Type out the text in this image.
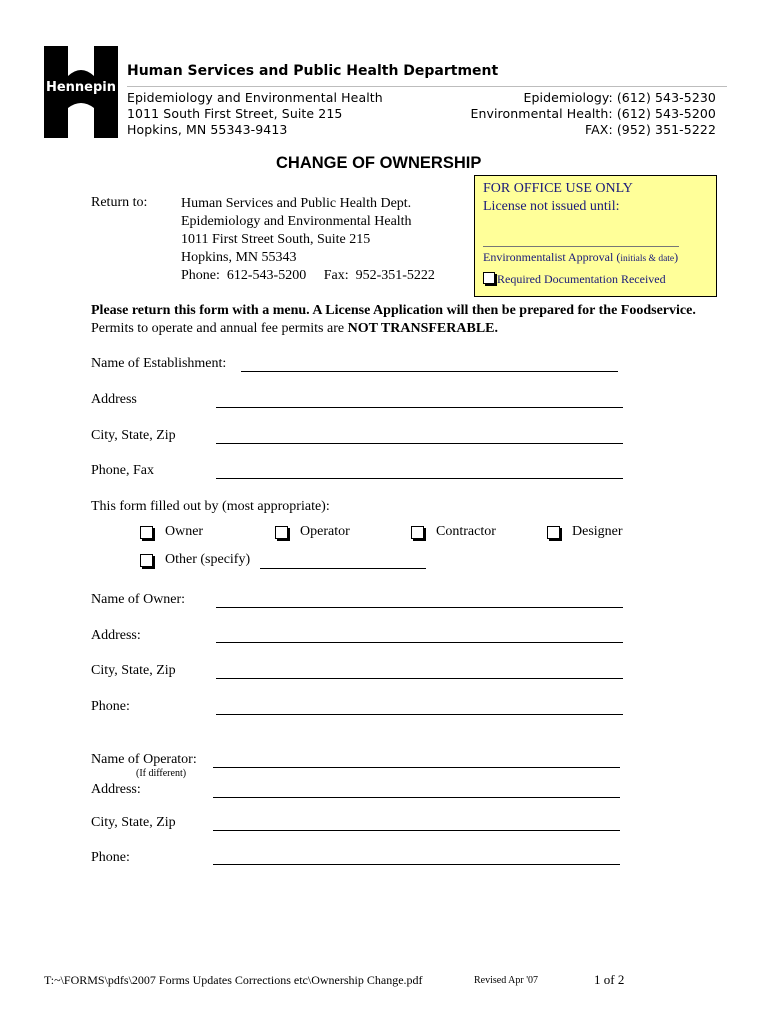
Hennepin
Human Services and Public Health Department
Epidemiology and Environmental Health
1011 South First Street, Suite 215
Hopkins, MN 55343-9413
Epidemiology: (612) 543-5230
Environmental Health: (612) 543-5200
FAX: (952) 351-5222
CHANGE OF OWNERSHIP
Return to: Human Services and Public Health Dept.
Epidemiology and Environmental Health
1011 First Street South, Suite 215
Hopkins, MN 55343
Phone:  612-543-5200     Fax:  952-351-5222
FOR OFFICE USE ONLY
License not issued until:
Environmentalist Approval (initials & date)
Required Documentation Received
Please return this form with a menu. A License Application will then be prepared for the Foodservice. Permits to operate and annual fee permits are NOT TRANSFERABLE.
Name of Establishment:
Address
City, State, Zip
Phone, Fax
This form filled out by (most appropriate):
Owner	Operator	Contractor	Designer
Other (specify)
Name of Owner:
Address:
City, State, Zip
Phone:
Name of Operator:
(If different)
Address:
City, State, Zip
Phone:
T:~\FORMS\pdfs\2007 Forms Updates Corrections etc\Ownership Change.pdf	Revised Apr '07	1 of 2
